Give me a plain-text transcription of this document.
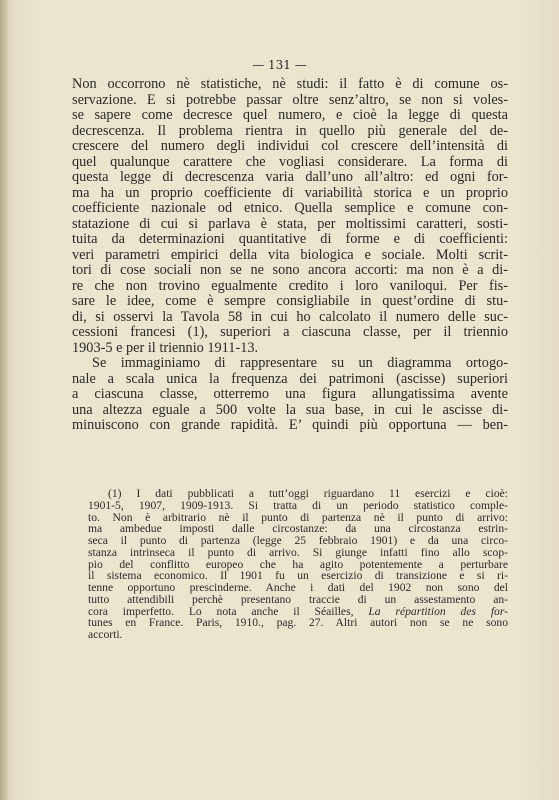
— 131 —
Non occorrono nè statistiche, nè studi: il fatto è di comune os-
servazione. E si potrebbe passar oltre senz’altro, se non si voles-
se sapere come decresce quel numero, e cioè la legge di questa
decrescenza. Il problema rientra in quello più generale del de-
crescere del numero degli individui col crescere dell’intensità di
quel qualunque carattere che vogliasi considerare. La forma di
questa legge di decrescenza varia dall’uno all’altro: ed ogni for-
ma ha un proprio coefficiente di variabilità storica e un proprio
coefficiente nazionale od etnico. Quella semplice e comune con-
statazione di cui si parlava è stata, per moltissimi caratteri, sosti-
tuita da determinazioni quantitative di forme e di coefficienti:
veri parametri empirici della vita biologica e sociale. Molti scrit-
tori di cose sociali non se ne sono ancora accorti: ma non è a di-
re che non trovino egualmente credito i loro vaniloqui. Per fis-
sare le idee, come è sempre consigliabile in quest’ordine di stu-
di, si osservi la Tavola 58 in cui ho calcolato il numero delle suc-
cessioni francesi (1), superiori a ciascuna classe, per il triennio
1903-5 e per il triennio 1911-13.
Se immaginiamo di rappresentare su un diagramma ortogo-
nale a scala unica la frequenza dei patrimoni (ascisse) superiori
a ciascuna classe, otterremo una figura allungatissima avente
una altezza eguale a 500 volte la sua base, in cui le ascisse di-
minuiscono con grande rapidità. E’ quindi più opportuna — ben-
(1) I dati pubblicati a tutt’oggi riguardano 11 esercizi e cioè:
1901-5, 1907, 1909-1913. Si tratta di un periodo statistico comple-
to. Non è arbitrario nè il punto di partenza nè il punto di arrivo:
ma ambedue imposti dalle circostanze: da una circostanza estrin-
seca il punto di partenza (legge 25 febbraio 1901) e da una circo-
stanza intrinseca il punto di arrivo. Si giunge infatti fino allo scop-
pio del conflitto europeo che ha agito potentemente a perturbare
il sistema economico. Il 1901 fu un esercizio di transizione e si ri-
tenne opportuno prescinderne. Anche i dati del 1902 non sono del
tutto attendibili perchè presentano traccie di un assestamento an-
cora imperfetto. Lo nota anche il Séailles, La répartition des for-
tunes en France. Paris, 1910., pag. 27. Altri autori non se ne sono
accorti.
